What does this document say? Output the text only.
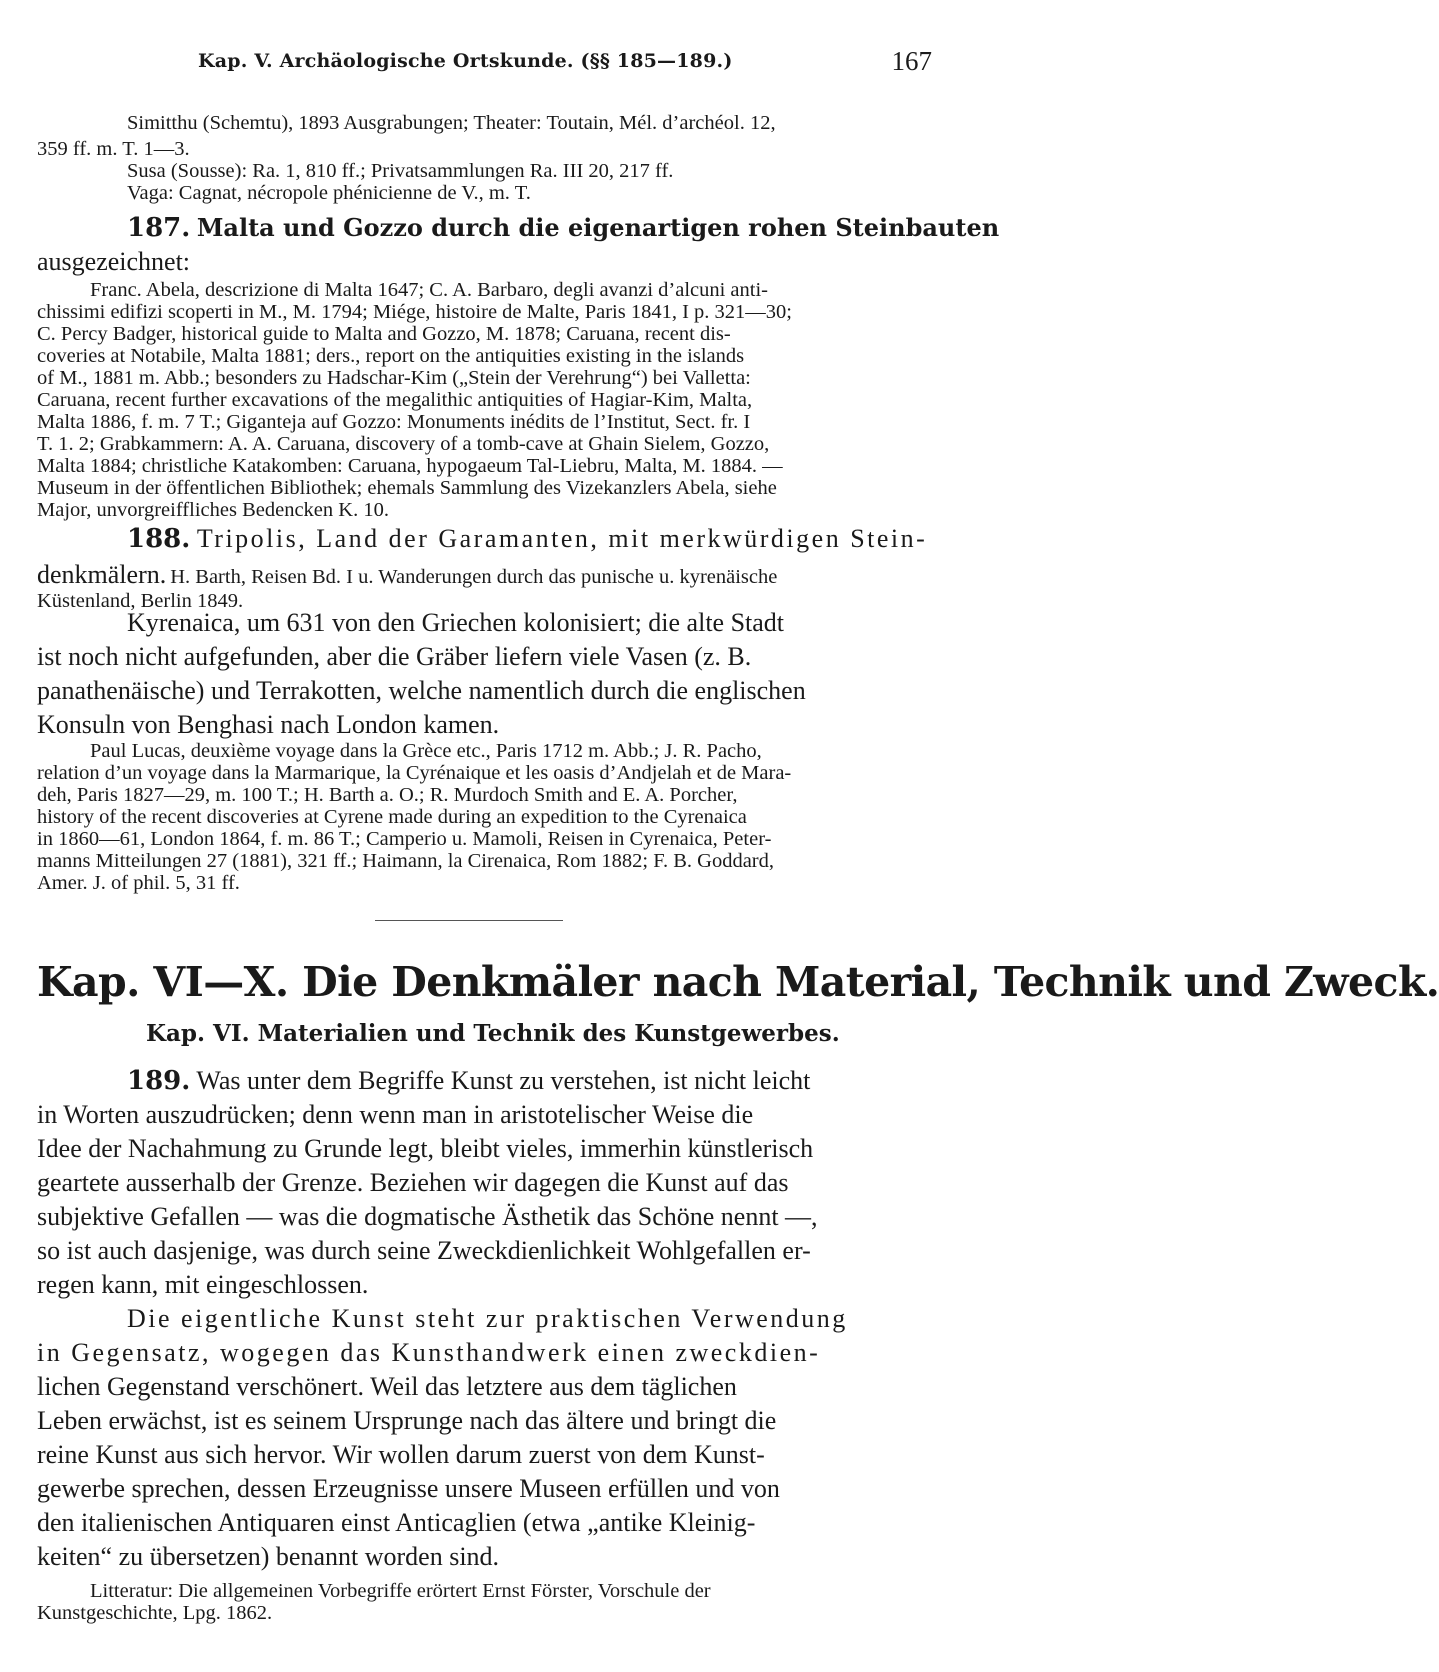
Kap. V. Archäologische Ortskunde. (§§ 185—189.)	167
Simitthu (Schemtu), 1893 Ausgrabungen; Theater: Toutain, Mél. d’archéol. 12,
359 ff. m. T. 1—3.
Susa (Sousse): Ra. 1, 810 ff.; Privatsammlungen Ra. III 20, 217 ff.
Vaga: Cagnat, nécropole phénicienne de V., m. T.
187. Malta und Gozzo durch die eigenartigen rohen Steinbauten
ausgezeichnet:
Franc. Abela, descrizione di Malta 1647; C. A. Barbaro, degli avanzi d’alcuni anti-
chissimi edifizi scoperti in M., M. 1794; Miége, histoire de Malte, Paris 1841, I p. 321—30;
C. Percy Badger, historical guide to Malta and Gozzo, M. 1878; Caruana, recent dis-
coveries at Notabile, Malta 1881; ders., report on the antiquities existing in the islands
of M., 1881 m. Abb.; besonders zu Hadschar-Kim („Stein der Verehrung“) bei Valletta:
Caruana, recent further excavations of the megalithic antiquities of Hagiar-Kim, Malta,
Malta 1886, f. m. 7 T.; Giganteja auf Gozzo: Monuments inédits de l’Institut, Sect. fr. I
T. 1. 2; Grabkammern: A. A. Caruana, discovery of a tomb-cave at Ghain Sielem, Gozzo,
Malta 1884; christliche Katakomben: Caruana, hypogaeum Tal-Liebru, Malta, M. 1884. —
Museum in der öffentlichen Bibliothek; ehemals Sammlung des Vizekanzlers Abela, siehe
Major, unvorgreiffliches Bedencken K. 10.
188. Tripolis, Land der Garamanten, mit merkwürdigen Stein-
denkmälern. H. Barth, Reisen Bd. I u. Wanderungen durch das punische u. kyrenäische
Küstenland, Berlin 1849.
Kyrenaica, um 631 von den Griechen kolonisiert; die alte Stadt
ist noch nicht aufgefunden, aber die Gräber liefern viele Vasen (z. B.
panathenäische) und Terrakotten, welche namentlich durch die englischen
Konsuln von Benghasi nach London kamen.
Paul Lucas, deuxième voyage dans la Grèce etc., Paris 1712 m. Abb.; J. R. Pacho,
relation d’un voyage dans la Marmarique, la Cyrénaique et les oasis d’Andjelah et de Mara-
deh, Paris 1827—29, m. 100 T.; H. Barth a. O.; R. Murdoch Smith and E. A. Porcher,
history of the recent discoveries at Cyrene made during an expedition to the Cyrenaica
in 1860—61, London 1864, f. m. 86 T.; Camperio u. Mamoli, Reisen in Cyrenaica, Peter-
manns Mitteilungen 27 (1881), 321 ff.; Haimann, la Cirenaica, Rom 1882; F. B. Goddard,
Amer. J. of phil. 5, 31 ff.
Kap. VI—X. Die Denkmäler nach Material, Technik und Zweck.
Kap. VI. Materialien und Technik des Kunstgewerbes.
189. Was unter dem Begriffe Kunst zu verstehen, ist nicht leicht
in Worten auszudrücken; denn wenn man in aristotelischer Weise die
Idee der Nachahmung zu Grunde legt, bleibt vieles, immerhin künstlerisch
geartete ausserhalb der Grenze. Beziehen wir dagegen die Kunst auf das
subjektive Gefallen — was die dogmatische Ästhetik das Schöne nennt —,
so ist auch dasjenige, was durch seine Zweckdienlichkeit Wohlgefallen er-
regen kann, mit eingeschlossen.
Die eigentliche Kunst steht zur praktischen Verwendung
in Gegensatz, wogegen das Kunsthandwerk einen zweckdien-
lichen Gegenstand verschönert. Weil das letztere aus dem täglichen
Leben erwächst, ist es seinem Ursprunge nach das ältere und bringt die
reine Kunst aus sich hervor. Wir wollen darum zuerst von dem Kunst-
gewerbe sprechen, dessen Erzeugnisse unsere Museen erfüllen und von
den italienischen Antiquaren einst Anticaglien (etwa „antike Kleinig-
keiten“ zu übersetzen) benannt worden sind.
Litteratur: Die allgemeinen Vorbegriffe erörtert Ernst Förster, Vorschule der
Kunstgeschichte, Lpg. 1862.
